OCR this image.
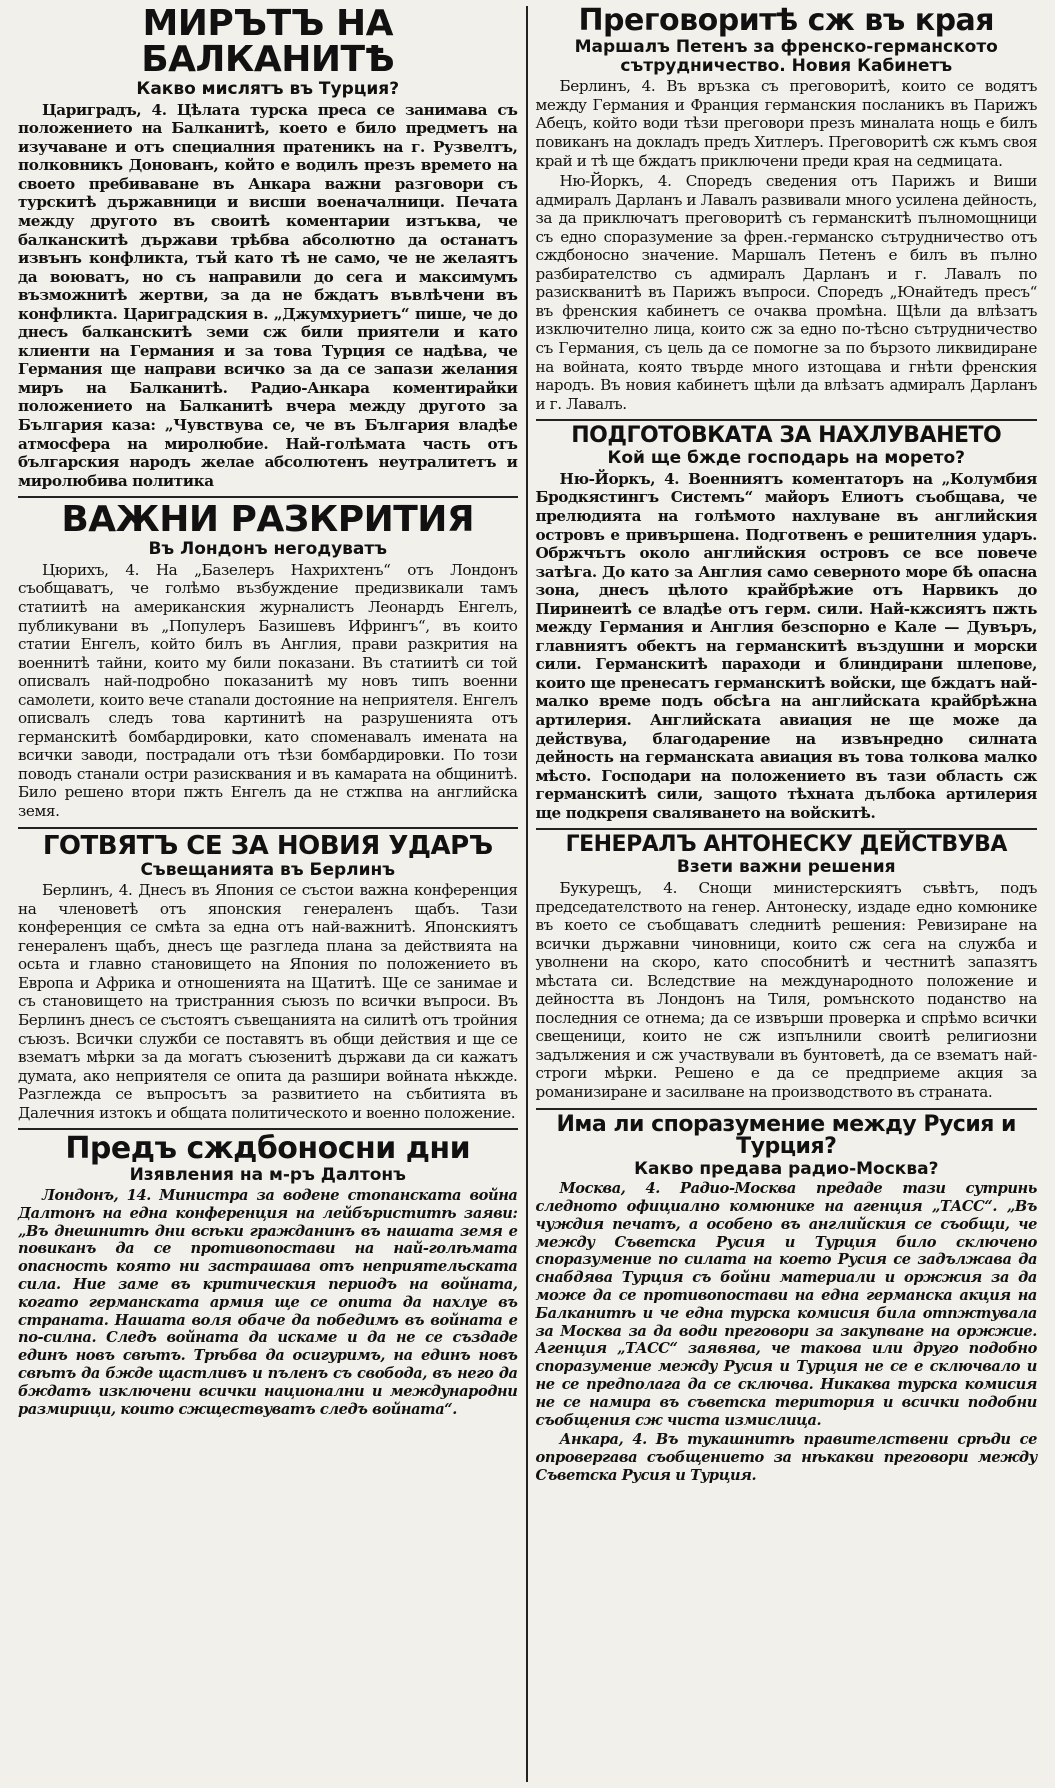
МИРЪТЪ НА БАЛКАНИТѢ
Какво мислятъ въ Турция?

Цариградъ, 4. Цѣлата турска преса се занимава съ положението на Балканитѣ, което е било предметъ на изучаване и отъ специалния пратеникъ на г. Рузвелтъ, полковникъ Донованъ, който е водилъ презъ времето на своето пребиваване въ Анкара важни разговори съ турскитѣ държавници и висши военачалници. Печата между другото въ своитѣ коментарии изтъква, че балканскитѣ държави трѣбва абсолютно да останатъ извънъ конфликта, тъй като тѣ не само, че не желаятъ да воюватъ, но съ направили до сега и максимумъ възможнитѣ жертви, за да не бждатъ въвлѣчени въ конфликта. Цариградския в. „Джумхуриетъ“ пише, че до днесъ балканскитѣ земи сж били приятели и като клиенти на Германия и за това Турция се надѣва, че Германия ще направи всичко за да се запази желания миръ на Балканитѣ. Радио-Анкара коментирайки положението на Балканитѣ вчера между другото за България каза: „Чувствува се, че въ България владѣе атмосфера на миролюбие. Най-голѣмата часть отъ българския народъ желае абсолютенъ неутралитетъ и миролюбива политика

ВАЖНИ РАЗКРИТИЯ
Въ Лондонъ негодуватъ

Цюрихъ, 4. На „Базелеръ Нахрихтенъ“ отъ Лондонъ съобщаватъ, че голѣмо възбуждение предизвикали тамъ статиитѣ на американския журналистъ Леонардъ Енгелъ, публикувани въ „Популеръ Базишевъ Ифрингъ“, въ които статии Енгелъ, който билъ въ Англия, прави разкрития на военнитѣ тайни, които му били показани. Въ статиитѣ си той описвалъ най-подробно показанитѣ му новъ типъ военни самолети, които вече стanали достояние на неприятеля. Енгелъ описвалъ следъ това картинитѣ на разрушенията отъ германскитѣ бомбардировки, като споменавалъ имената на всички заводи, пострадали отъ тѣзи бомбардировки. По този поводъ станали остри разисквания и въ камарата на общинитѣ. Било решено втори пжть Енгелъ да не стжпва на английска земя.

ГОТВЯТЪ СЕ ЗА НОВИЯ УДАРЪ
Съвещанията въ Берлинъ

Берлинъ, 4. Днесъ въ Япония се състои важна конференция на членоветѣ отъ японския генераленъ щабъ. Тази конференция се смѣта за една отъ най-важнитѣ. Японскиятъ генераленъ щабъ, днесъ ще разгледа плана за действията на осьта и главно становището на Япония по положението въ Европа и Африка и отношенията на Щатитѣ. Ще се занимае и съ становището на тристранния съюзъ по всички въпроси. Въ Берлинъ днесъ се състоятъ съвещанията на силитѣ отъ тройния съюзъ. Всички служби се поставятъ въ общи действия и ще се взематъ мѣрки за да могатъ съюзенитѣ държави да си кажатъ думата, ако неприятеля се опита да разшири войната нѣкжде. Разглежда се въпросътъ за развитието на събитията въ Далечния изтокъ и общата политическото и военно положение.

Предъ сждбоносни дни
Изявления на м-ръ Далтонъ

Лондонъ, 14. Министра за водене стопанската война Далтонъ на една конференция на лейбъриститѣ заяви: „Въ днешнитѣ дни всѣки гражданинъ въ нашата земя е повиканъ да се противопостави на най-голѣмата опасность която ни застрашава отъ неприятельската сила. Ние заме въ критическия периодъ на войната, когато германската армия ще се опита да нахлуе въ страната. Нашата воля обаче да победимъ въ войната е по-силна. Следъ войната да искаме и да не се създаде единъ новъ свѣтъ. Трѣбва да осигуримъ, на единъ новъ свѣтъ да бжде щастливъ и пъленъ съ свобода, въ него да бждатъ изключени всички национални и международни размирици, които сжществуватъ следъ войната“.

Преговоритѣ сж въ края
Маршалъ Петенъ за френско-германското сътрудничество. Новия Кабинетъ

Берлинъ, 4. Въ връзка съ преговоритѣ, които се водятъ между Германия и Франция германския посланикъ въ Парижъ Абецъ, който води тѣзи преговори презъ миналата нощь е билъ повиканъ на докладъ предъ Хитлеръ. Преговоритѣ сж къмъ своя край и тѣ ще бждатъ приключени преди края на седмицата.

Ню-Йоркъ, 4. Споредъ сведения отъ Парижъ и Виши адмиралъ Дарланъ и Лавалъ развивали много усилена дейность, за да приключатъ преговоритѣ съ германскитѣ пълномощници съ едно споразумение за френ.-германско сътрудничество отъ сждбоносно значение. Маршалъ Петенъ е билъ въ пълно разбирателство съ адмиралъ Дарланъ и г. Лавалъ по разискванитѣ въ Парижъ въпроси. Споредъ „Юнайтедъ пресъ“ въ френския кабинетъ се очаква промѣна. Щѣли да влѣзатъ изключително лица, които сж за едно по-тѣсно сътрудничество съ Германия, съ цель да се помогне за по бързото ликвидиране на войната, която твърде много изтощава и гнѣти френския народъ. Въ новия кабинетъ щѣли да влѣзатъ адмиралъ Дарланъ и г. Лавалъ.

ПОДГОТОВКАТА ЗА НАХЛУВАНЕТО
Кой ще бжде господарь на морето?

Ню-Йоркъ, 4. Военниятъ коментаторъ на „Колумбия Бродкястингъ Системъ“ майоръ Елиотъ съобщава, че прелюдията на голѣмото нахлуване въ английския островъ е привършена. Подготвенъ е решителния ударъ. Обржчътъ около английския островъ се все повече затѣга. До като за Англия само северното море бѣ опасна зона, днесъ цѣлото крайбрѣжие отъ Нарвикъ до Пиринеитѣ се владѣе отъ герм. сили. Най-кжсиятъ пжть между Германия и Англия безспорно е Кале — Дувъръ, главниятъ обектъ на германскитѣ въздушни и морски сили. Германскитѣ параходи и блиндирани шлепове, които ще пренесатъ германскитѣ войски, ще бждатъ най-малко време подъ обсѣга на английската крайбрѣжна артилерия. Английската авиация не ще може да действува, благодарение на извънредно силната дейность на германската авиация въ това толкова малко мѣсто. Господари на положението въ тази область сж германскитѣ сили, защото тѣхната дълбока артилерия ще подкрепя сваляването на войскитѣ.

ГЕНЕРАЛЪ АНТОНЕСКУ ДЕЙСТВУВА
Взети важни решения

Букурещъ, 4. Снощи министерскиятъ съвѣтъ, подъ председателството на генер. Антонеску, издаде едно комюнике въ което се съобщаватъ следнитѣ решения: Ревизиране на всички държавни чиновници, които сж сега на служба и уволнени на скоро, като способнитѣ и честнитѣ запазятъ мѣстата си. Вследствие на международното положение и дейността въ Лондонъ на Тиля, ромънското поданство на последния се отнема; да се извърши проверка и спрѣмо всички свещеници, които не сж изпълнили своитѣ религиозни задължения и сж участвували въ бунтоветѣ, да се взематъ най-строги мѣрки. Решено е да се предприеме акция за романизиране и засилване на производството въ страната.

Има ли споразумение между Русия и Турция?
Какво предава радио-Москва?

Москва, 4. Радио-Москва предаде тази сутринь следното официално комюнике на агенция „ТАСС“. „Въ чуждия печатъ, а особено въ английския се съобщи, че между Съветска Русия и Турция било сключено споразумение по силата на което Русия се задължава да снабдява Турция съ бойни материали и оржжия за да може да се противопостави на една германска акция на Балканитѣ и че една турска комисия била отпжтувала за Москва за да води преговори за закупване на оржжие. Агенция „ТАСС“ заявява, че такова или друго подобно споразумение между Русия и Турция не се е сключвало и не се предполага да се сключва. Никаква турска комисия не се намира въ съветска територия и всички подобни съобщения сж чиста измислица.

Анкара, 4. Въ тукашнитѣ правителствени срѣди се опровергава съобщението за нѣкакви преговори между Съветска Русия и Турция.
